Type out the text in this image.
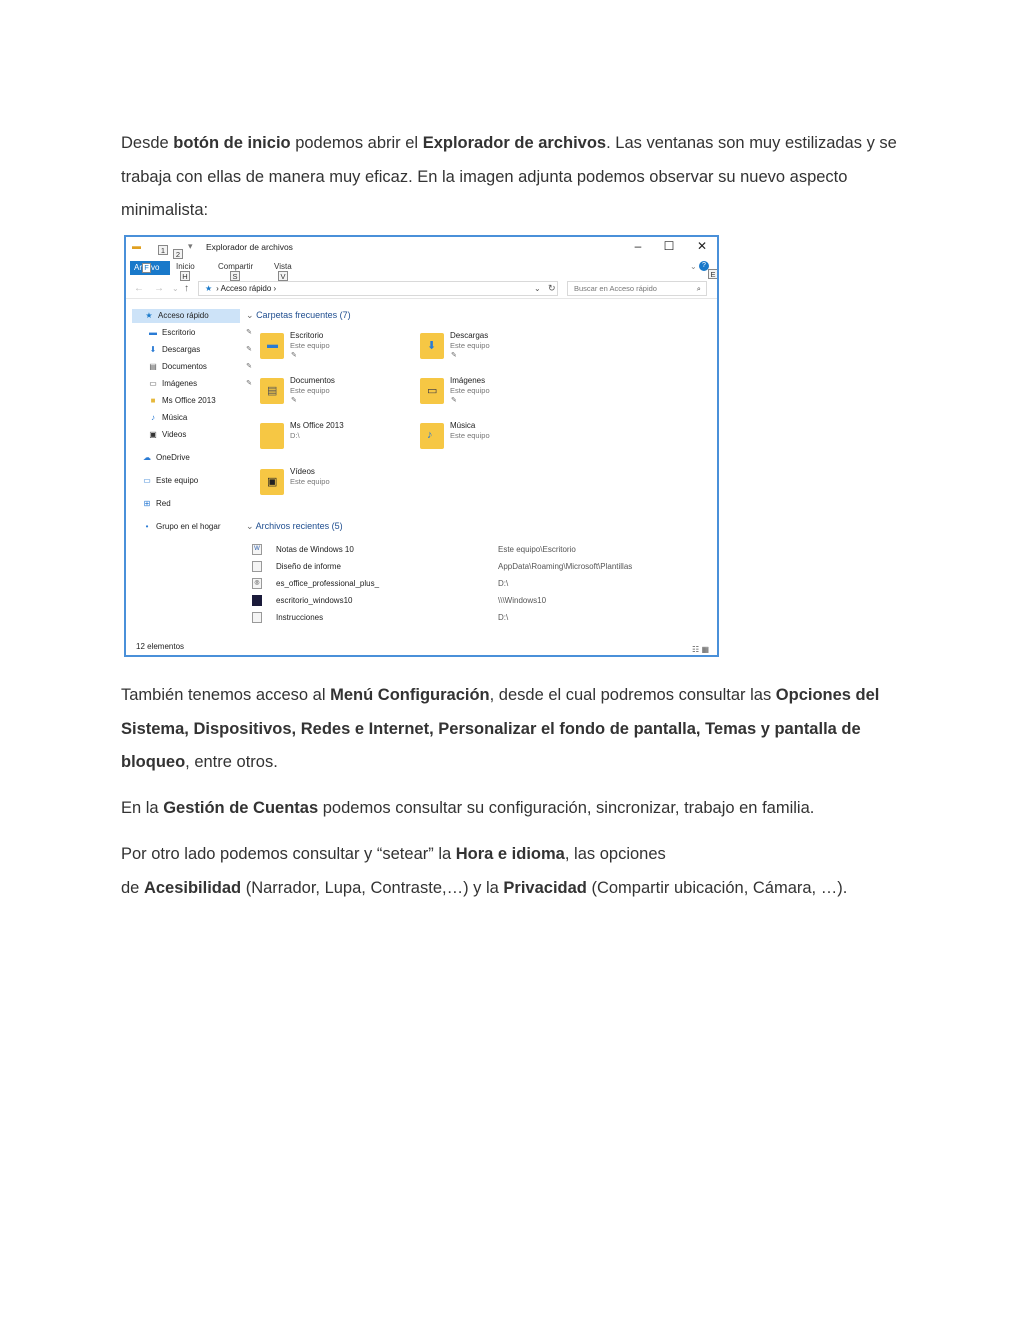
Desde botón de inicio podemos abrir el Explorador de archivos. Las ventanas son muy estilizadas y se trabaja con ellas de manera muy eficaz. En la imagen adjunta podemos observar su nuevo aspecto minimalista:

▬	1	2
▾ Explorador de archivos	–	☐	✕
Ar F vo	Inicio
H
Compartir
S
Vista
V
⌄ ?
E
← → ⌄ ↑	★ › Acceso rápido ›	⌄ ↻	Buscar en Acceso rápido	⌕
★ Acceso rápido
▬ Escritorio	✎
⬇ Descargas	✎
▤ Documentos	✎
▭ Imágenes	✎
■ Ms Office 2013
♪ Música
▣ Videos
☁ OneDrive
▭ Este equipo
⊞ Red
• Grupo en el hogar
⌄ Carpetas frecuentes (7)
▬
Escritorio
Este equipo
✎
⬇
Descargas
Este equipo
✎
▤
Documentos
Este equipo
✎
▭
Imágenes
Este equipo
✎
Ms Office 2013
D:\	♪
Música
Este equipo
▣
Vídeos
Este equipo
⌄ Archivos recientes (5)
W Notas de Windows 10	Este equipo\Escritorio
Diseño de informe	AppData\Roaming\Microsoft\Plantillas
◎ es_office_professional_plus_	D:\
escritorio_windows10	\\\Windows10
Instrucciones	D:\
12 elementos	☷ ▦

También tenemos acceso al Menú Configuración, desde el cual podremos consultar las Opciones del Sistema, Dispositivos, Redes e Internet, Personalizar el fondo de pantalla, Temas y pantalla de bloqueo, entre otros.

En la Gestión de Cuentas podemos consultar su configuración, sincronizar, trabajo en familia.

Por otro lado podemos consultar y “setear” la Hora e idioma, las opciones
de Acesibilidad (Narrador, Lupa, Contraste,…) y la Privacidad (Compartir ubicación, Cámara, …).
